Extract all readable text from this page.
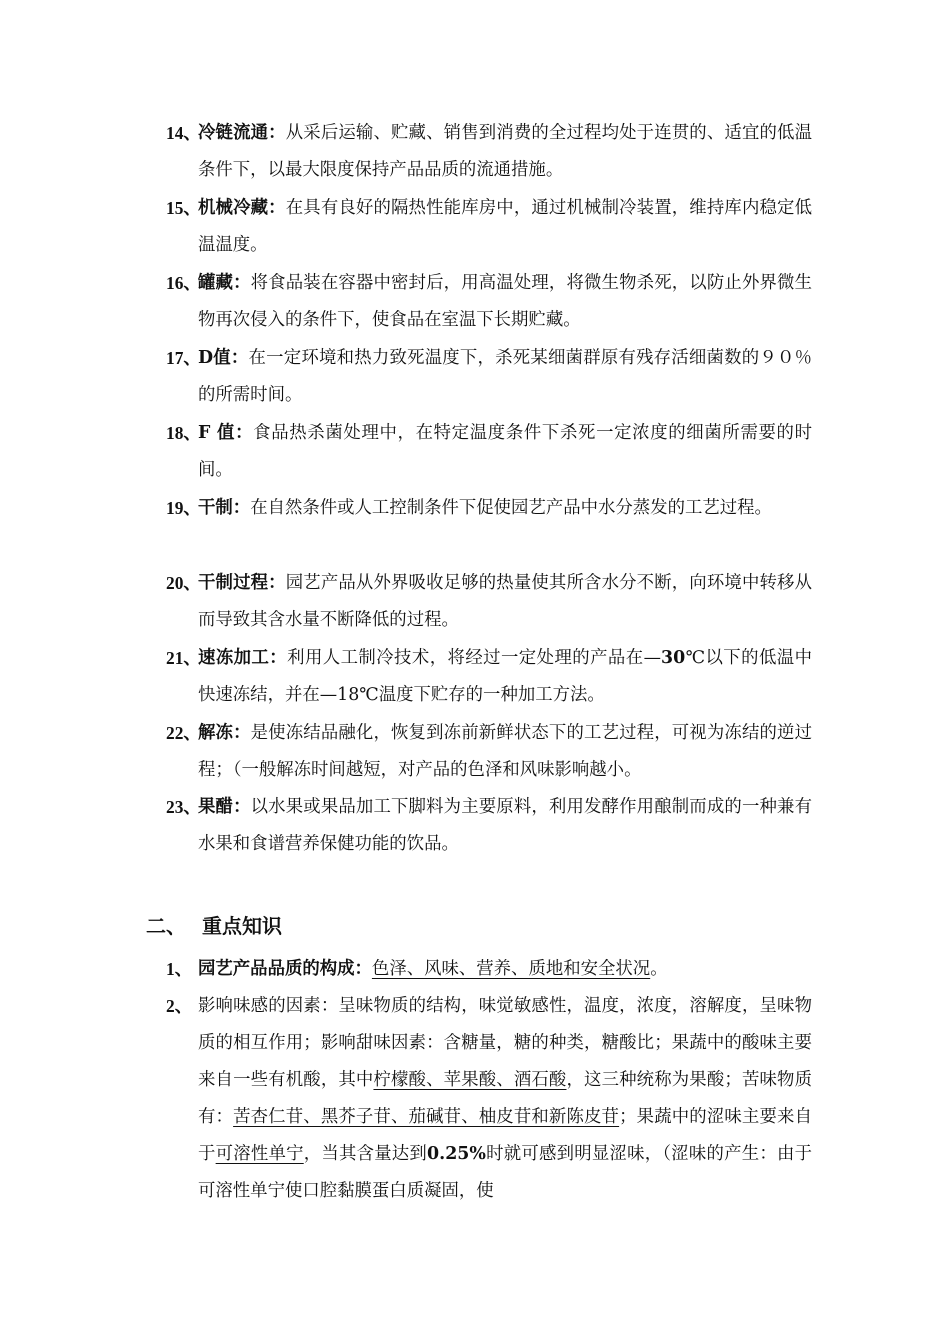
14、
冷链流通：从采后运输、贮藏、销售到消费的全过程均处于连贯的、适宜的低温条件下，以最大限度保持产品品质的流通措施。
15、
机械冷藏：在具有良好的隔热性能库房中，通过机械制冷装置，维持库内稳定低温温度。
16、
罐藏：将食品装在容器中密封后，用高温处理，将微生物杀死，以防止外界微生物再次侵入的条件下，使食品在室温下长期贮藏。
17、
D值：在一定环境和热力致死温度下，杀死某细菌群原有残存活细菌数的９０％的所需时间。
18、
F 值：食品热杀菌处理中，在特定温度条件下杀死一定浓度的细菌所需要的时间。
19、
干制：在自然条件或人工控制条件下促使园艺产品中水分蒸发的工艺过程。
20、
干制过程：园艺产品从外界吸收足够的热量使其所含水分不断，向环境中转移从而导致其含水量不断降低的过程。
21、
速冻加工：利用人工制冷技术，将经过一定处理的产品在—30℃以下的低温中快速冻结，并在—18℃温度下贮存的一种加工方法。
22、
解冻：是使冻结品融化，恢复到冻前新鲜状态下的工艺过程，可视为冻结的逆过程；（一般解冻时间越短，对产品的色泽和风味影响越小。
23、
果醋：以水果或果品加工下脚料为主要原料，利用发酵作用酿制而成的一种兼有水果和食谱营养保健功能的饮品。
二、 重点知识
1、 园艺产品品质的构成：色泽、风味、营养、质地和安全状况。
2、 影响味感的因素：呈味物质的结构，味觉敏感性，温度，浓度，溶解度，呈味物质的相互作用；影响甜味因素：含糖量，糖的种类，糖酸比；果蔬中的酸味主要来自一些有机酸，其中柠檬酸、苹果酸、酒石酸，这三种统称为果酸；苦味物质有：苦杏仁苷、黑芥子苷、茄碱苷、柚皮苷和新陈皮苷；果蔬中的涩味主要来自于可溶性单宁，当其含量达到0.25%时就可感到明显涩味，（涩味的产生：由于可溶性单宁使口腔黏膜蛋白质凝固，使
